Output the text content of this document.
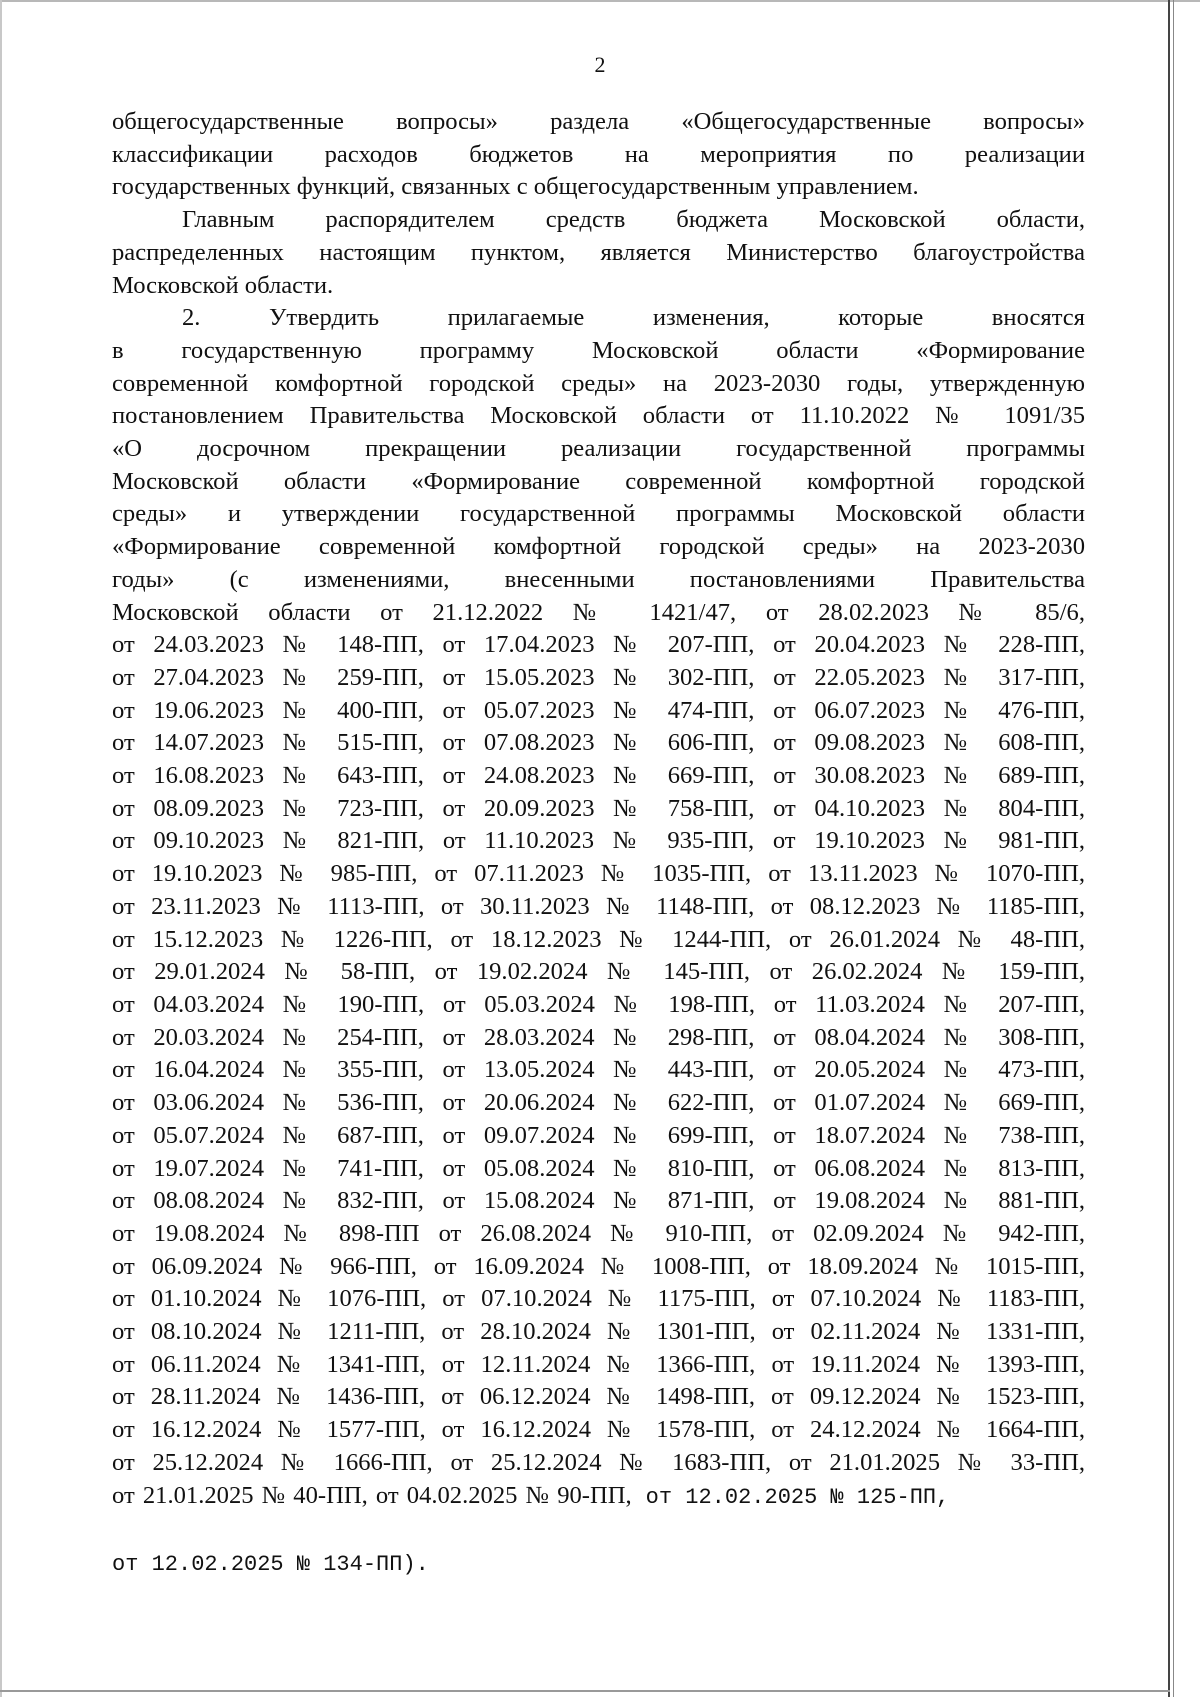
2
общегосударственные вопросы» раздела «Общегосударственные вопросы»
классификации расходов бюджетов на мероприятия по реализации
государственных функций, связанных с общегосударственным управлением.
Главным распорядителем средств бюджета Московской области,
распределенных настоящим пунктом, является Министерство благоустройства
Московской области.
2. Утвердить прилагаемые изменения, которые вносятся
в государственную программу Московской области «Формирование
современной комфортной городской среды» на 2023-2030 годы, утвержденную
постановлением Правительства Московской области от 11.10.2022 № 1091/35
«О досрочном прекращении реализации государственной программы
Московской области «Формирование современной комфортной городской
среды» и утверждении государственной программы Московской области
«Формирование современной комфортной городской среды» на 2023-2030
годы» (с изменениями, внесенными постановлениями Правительства
Московской области от 21.12.2022 № 1421/47, от 28.02.2023 № 85/6,
от 24.03.2023 № 148-ПП, от 17.04.2023 № 207-ПП, от 20.04.2023 № 228-ПП,
от 27.04.2023 № 259-ПП, от 15.05.2023 № 302-ПП, от 22.05.2023 № 317-ПП,
от 19.06.2023 № 400-ПП, от 05.07.2023 № 474-ПП, от 06.07.2023 № 476-ПП,
от 14.07.2023 № 515-ПП, от 07.08.2023 № 606-ПП, от 09.08.2023 № 608-ПП,
от 16.08.2023 № 643-ПП, от 24.08.2023 № 669-ПП, от 30.08.2023 № 689-ПП,
от 08.09.2023 № 723-ПП, от 20.09.2023 № 758-ПП, от 04.10.2023 № 804-ПП,
от 09.10.2023 № 821-ПП, от 11.10.2023 № 935-ПП, от 19.10.2023 № 981-ПП,
от 19.10.2023 № 985-ПП, от 07.11.2023 № 1035-ПП, от 13.11.2023 № 1070-ПП,
от 23.11.2023 № 1113-ПП, от 30.11.2023 № 1148-ПП, от 08.12.2023 № 1185-ПП,
от 15.12.2023 № 1226-ПП, от 18.12.2023 № 1244-ПП, от 26.01.2024 № 48-ПП,
от 29.01.2024 № 58-ПП, от 19.02.2024 № 145-ПП, от 26.02.2024 № 159-ПП,
от 04.03.2024 № 190-ПП, от 05.03.2024 № 198-ПП, от 11.03.2024 № 207-ПП,
от 20.03.2024 № 254-ПП, от 28.03.2024 № 298-ПП, от 08.04.2024 № 308-ПП,
от 16.04.2024 № 355-ПП, от 13.05.2024 № 443-ПП, от 20.05.2024 № 473-ПП,
от 03.06.2024 № 536-ПП, от 20.06.2024 № 622-ПП, от 01.07.2024 № 669-ПП,
от 05.07.2024 № 687-ПП, от 09.07.2024 № 699-ПП, от 18.07.2024 № 738-ПП,
от 19.07.2024 № 741-ПП, от 05.08.2024 № 810-ПП, от 06.08.2024 № 813-ПП,
от 08.08.2024 № 832-ПП, от 15.08.2024 № 871-ПП, от 19.08.2024 № 881-ПП,
от 19.08.2024 № 898-ПП от 26.08.2024 № 910-ПП, от 02.09.2024 № 942-ПП,
от 06.09.2024 № 966-ПП, от 16.09.2024 № 1008-ПП, от 18.09.2024 № 1015-ПП,
от 01.10.2024 № 1076-ПП, от 07.10.2024 № 1175-ПП, от 07.10.2024 № 1183-ПП,
от 08.10.2024 № 1211-ПП, от 28.10.2024 № 1301-ПП, от 02.11.2024 № 1331-ПП,
от 06.11.2024 № 1341-ПП, от 12.11.2024 № 1366-ПП, от 19.11.2024 № 1393-ПП,
от 28.11.2024 № 1436-ПП, от 06.12.2024 № 1498-ПП, от 09.12.2024 № 1523-ПП,
от 16.12.2024 № 1577-ПП, от 16.12.2024 № 1578-ПП, от 24.12.2024 № 1664-ПП,
от 25.12.2024 № 1666-ПП, от 25.12.2024 № 1683-ПП, от 21.01.2025 № 33-ПП,
от 21.01.2025 № 40-ПП, от 04.02.2025 № 90-ПП, от 12.02.2025 № 125-ПП,
от 12.02.2025 № 134-ПП).
